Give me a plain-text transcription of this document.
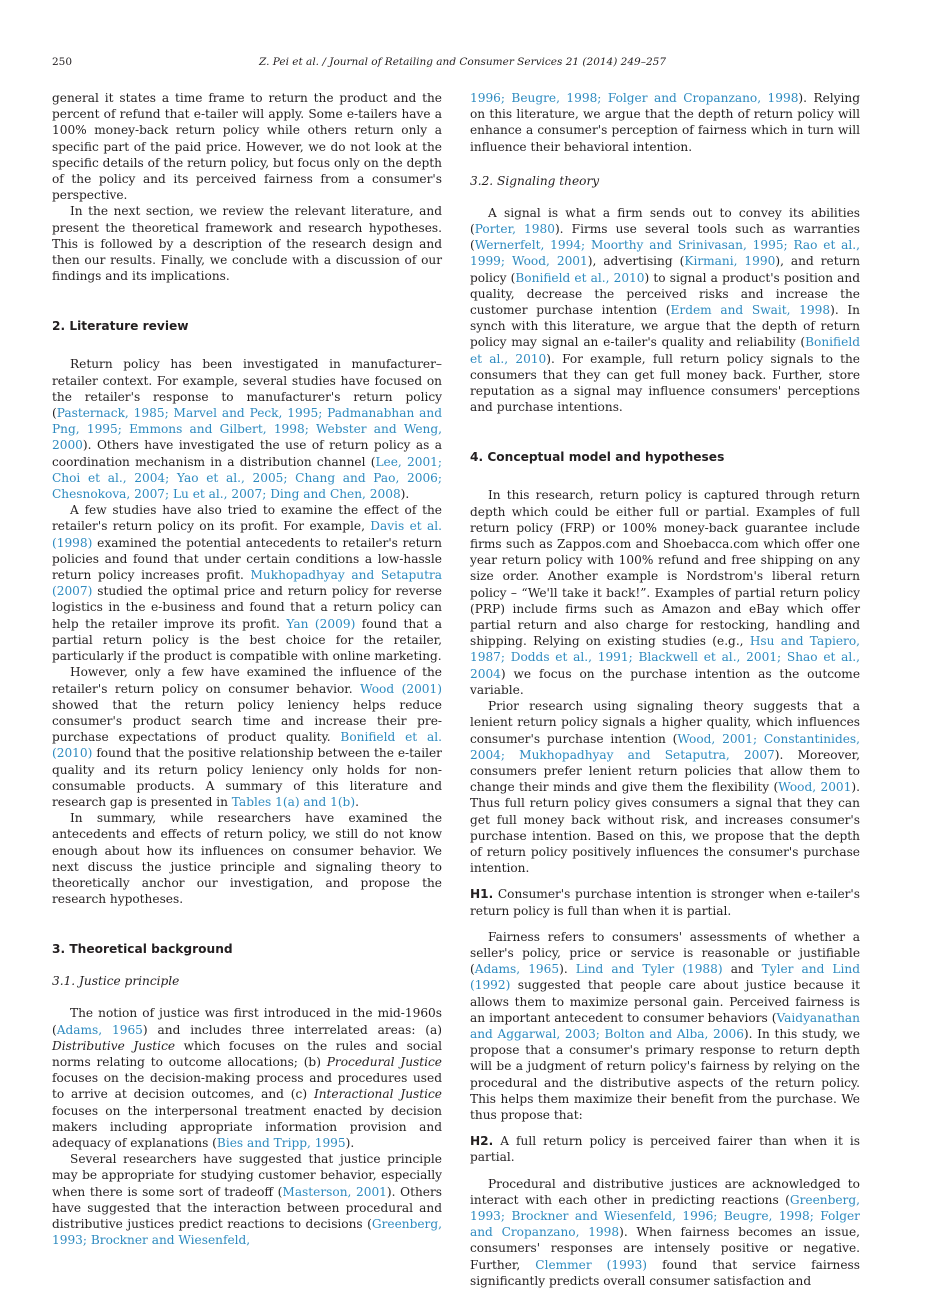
250	Z. Pei et al. / Journal of Retailing and Consumer Services 21 (2014) 249–257

general it states a time frame to return the product and the percent of refund that e-tailer will apply. Some e-tailers have a 100% money-back return policy while others return only a specific part of the paid price. However, we do not look at the specific details of the return policy, but focus only on the depth of the policy and its perceived fairness from a consumer's perspective.

In the next section, we review the relevant literature, and present the theoretical framework and research hypotheses. This is followed by a description of the research design and then our results. Finally, we conclude with a discussion of our findings and its implications.

2. Literature review

Return policy has been investigated in manufacturer–retailer context. For example, several studies have focused on the retailer's response to manufacturer's return policy (Pasternack, 1985; Marvel and Peck, 1995; Padmanabhan and Png, 1995; Emmons and Gilbert, 1998; Webster and Weng, 2000). Others have investigated the use of return policy as a coordination mechanism in a distribution channel (Lee, 2001; Choi et al., 2004; Yao et al., 2005; Chang and Pao, 2006; Chesnokova, 2007; Lu et al., 2007; Ding and Chen, 2008).

A few studies have also tried to examine the effect of the retailer's return policy on its profit. For example, Davis et al. (1998) examined the potential antecedents to retailer's return policies and found that under certain conditions a low-hassle return policy increases profit. Mukhopadhyay and Setaputra (2007) studied the optimal price and return policy for reverse logistics in the e-business and found that a return policy can help the retailer improve its profit. Yan (2009) found that a partial return policy is the best choice for the retailer, particularly if the product is compatible with online marketing.

However, only a few have examined the influence of the retailer's return policy on consumer behavior. Wood (2001) showed that the return policy leniency helps reduce consumer's product search time and increase their pre-purchase expectations of product quality. Bonifield et al. (2010) found that the positive relationship between the e-tailer quality and its return policy leniency only holds for non-consumable products. A summary of this literature and research gap is presented in Tables 1(a) and 1(b).

In summary, while researchers have examined the antecedents and effects of return policy, we still do not know enough about how its influences on consumer behavior. We next discuss the justice principle and signaling theory to theoretically anchor our investigation, and propose the research hypotheses.

3. Theoretical background
3.1. Justice principle

The notion of justice was first introduced in the mid-1960s (Adams, 1965) and includes three interrelated areas: (a) Distributive Justice which focuses on the rules and social norms relating to outcome allocations; (b) Procedural Justice focuses on the decision-making process and procedures used to arrive at decision outcomes, and (c) Interactional Justice focuses on the interpersonal treatment enacted by decision makers including appropriate information provision and adequacy of explanations (Bies and Tripp, 1995).

Several researchers have suggested that justice principle may be appropriate for studying customer behavior, especially when there is some sort of tradeoff (Masterson, 2001). Others have suggested that the interaction between procedural and distributive justices predict reactions to decisions (Greenberg, 1993; Brockner and Wiesenfeld,

1996; Beugre, 1998; Folger and Cropanzano, 1998). Relying on this literature, we argue that the depth of return policy will enhance a consumer's perception of fairness which in turn will influence their behavioral intention.

3.2. Signaling theory

A signal is what a firm sends out to convey its abilities (Porter, 1980). Firms use several tools such as warranties (Wernerfelt, 1994; Moorthy and Srinivasan, 1995; Rao et al., 1999; Wood, 2001), advertising (Kirmani, 1990), and return policy (Bonifield et al., 2010) to signal a product's position and quality, decrease the perceived risks and increase the customer purchase intention (Erdem and Swait, 1998). In synch with this literature, we argue that the depth of return policy may signal an e-tailer's quality and reliability (Bonifield et al., 2010). For example, full return policy signals to the consumers that they can get full money back. Further, store reputation as a signal may influence consumers' perceptions and purchase intentions.

4. Conceptual model and hypotheses

In this research, return policy is captured through return depth which could be either full or partial. Examples of full return policy (FRP) or 100% money-back guarantee include firms such as Zappos.com and Shoebacca.com which offer one year return policy with 100% refund and free shipping on any size order. Another example is Nordstrom's liberal return policy – “We'll take it back!”. Examples of partial return policy (PRP) include firms such as Amazon and eBay which offer partial return and also charge for restocking, handling and shipping. Relying on existing studies (e.g., Hsu and Tapiero, 1987; Dodds et al., 1991; Blackwell et al., 2001; Shao et al., 2004) we focus on the purchase intention as the outcome variable.

Prior research using signaling theory suggests that a lenient return policy signals a higher quality, which influences consumer's purchase intention (Wood, 2001; Constantinides, 2004; Mukhopadhyay and Setaputra, 2007). Moreover, consumers prefer lenient return policies that allow them to change their minds and give them the flexibility (Wood, 2001). Thus full return policy gives consumers a signal that they can get full money back without risk, and increases consumer's purchase intention. Based on this, we propose that the depth of return policy positively influences the consumer's purchase intention.

H1. Consumer's purchase intention is stronger when e-tailer's return policy is full than when it is partial.

Fairness refers to consumers' assessments of whether a seller's policy, price or service is reasonable or justifiable (Adams, 1965). Lind and Tyler (1988) and Tyler and Lind (1992) suggested that people care about justice because it allows them to maximize personal gain. Perceived fairness is an important antecedent to consumer behaviors (Vaidyanathan and Aggarwal, 2003; Bolton and Alba, 2006). In this study, we propose that a consumer's primary response to return depth will be a judgment of return policy's fairness by relying on the procedural and the distributive aspects of the return policy. This helps them maximize their benefit from the purchase. We thus propose that:

H2. A full return policy is perceived fairer than when it is partial.

Procedural and distributive justices are acknowledged to interact with each other in predicting reactions (Greenberg, 1993; Brockner and Wiesenfeld, 1996; Beugre, 1998; Folger and Cropanzano, 1998). When fairness becomes an issue, consumers' responses are intensely positive or negative. Further, Clemmer (1993) found that service fairness significantly predicts overall consumer satisfaction and
